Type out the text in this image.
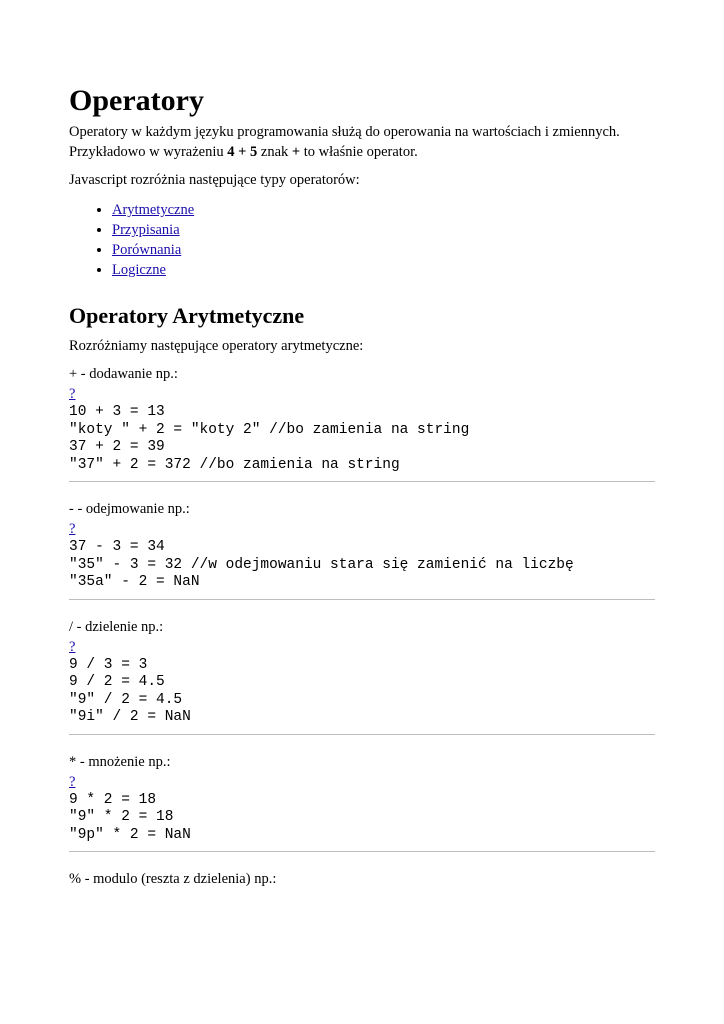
Operatory

Operatory w każdym języku programowania służą do operowania na wartościach i zmiennych.
Przykładowo w wyrażeniu 4 + 5 znak + to właśnie operator.

Javascript rozróżnia następujące typy operatorów:

• Arytmetyczne
• Przypisania
• Porównania
• Logiczne
Operatory Arytmetyczne

Rozróżniamy następujące operatory arytmetyczne:

+ - dodawanie np.:

?
10 + 3 = 13
"koty " + 2 = "koty 2" //bo zamienia na string
37 + 2 = 39
"37" + 2 = 372 //bo zamienia na string

- - odejmowanie np.:

?
37 - 3 = 34
"35" - 3 = 32 //w odejmowaniu stara się zamienić na liczbę
"35a" - 2 = NaN

/ - dzielenie np.:

?
9 / 3 = 3
9 / 2 = 4.5
"9" / 2 = 4.5
"9i" / 2 = NaN

* - mnożenie np.:

?
9 * 2 = 18
"9" * 2 = 18
"9p" * 2 = NaN

% - modulo (reszta z dzielenia) np.:
